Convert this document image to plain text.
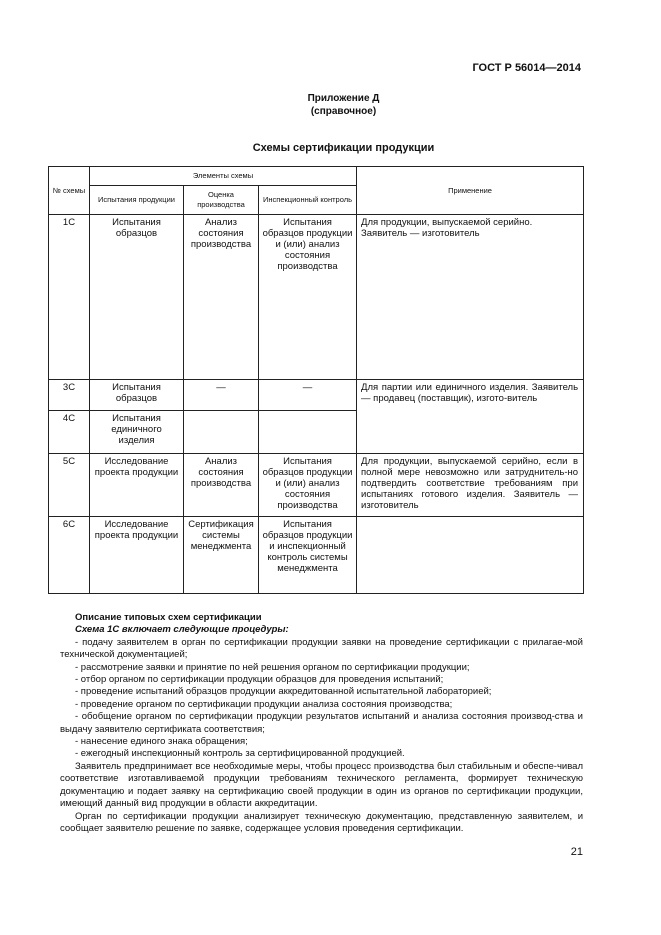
ГОСТ Р 56014—2014
Приложение Д
(справочное)
Схемы сертификации продукции
№ схемы	Элементы схемы			Применение
	Испытания продукции	Оценка производства	Инспекционный контроль	
1С	Испытания образцов	Анализ состояния производства	Испытания образцов продукции и (или) анализ состояния производства	Для продукции, выпускаемой серийно. Заявитель — изготовитель
3С	Испытания образцов	—	—	Для партии или единичного изделия. Заявитель — продавец (поставщик), изгото-витель
4С	Испытания единичного изделия			
5С	Исследование проекта продукции	Анализ состояния производства	Испытания образцов продукции и (или) анализ состояния производства	Для продукции, выпускаемой серийно, если в полной мере невозможно или затруднитель-но подтвердить соответствие требованиям при испытаниях готового изделия. Заявитель — изготовитель
6С	Исследование проекта продукции	Сертификация системы менеджмента	Испытания образцов продукции и инспекционный контроль системы менеджмента	
Описание типовых схем сертификации
Схема 1С включает следующие процедуры:
- подачу заявителем в орган по сертификации продукции заявки на проведение сертификации с прилагае-мой технической документацией;
- рассмотрение заявки и принятие по ней решения органом по сертификации продукции;
- отбор органом по сертификации продукции образцов для проведения испытаний;
- проведение испытаний образцов продукции аккредитованной испытательной лабораторией;
- проведение органом по сертификации продукции анализа состояния производства;
- обобщение органом по сертификации продукции результатов испытаний и анализа состояния производ-ства и выдачу заявителю сертификата соответствия;
- нанесение единого знака обращения;
- ежегодный инспекционный контроль за сертифицированной продукцией.
Заявитель предпринимает все необходимые меры, чтобы процесс производства был стабильным и обеспе-чивал соответствие изготавливаемой продукции требованиям технического регламента, формирует техническую документацию и подает заявку на сертификацию своей продукции в один из органов по сертификации продукции, имеющий данный вид продукции в области аккредитации.
Орган по сертификации продукции анализирует техническую документацию, представленную заявителем, и сообщает заявителю решение по заявке, содержащее условия проведения сертификации.
21
